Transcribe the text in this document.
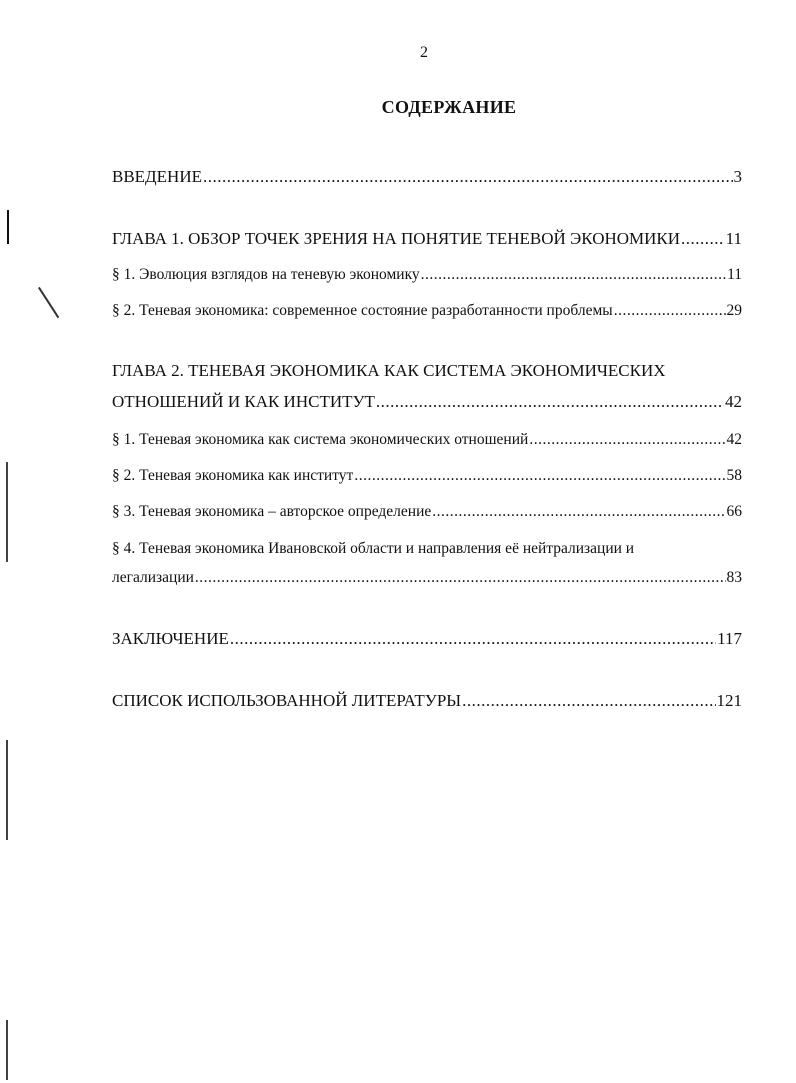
2
СОДЕРЖАНИЕ
ВВЕДЕНИЕ .....	3
ГЛАВА 1. ОБЗОР ТОЧЕК ЗРЕНИЯ НА ПОНЯТИЕ ТЕНЕВОЙ ЭКОНОМИКИ .....	11
§ 1. Эволюция взглядов на теневую экономику .....	11
§ 2. Теневая экономика: современное состояние разработанности проблемы .....	29
ГЛАВА 2. ТЕНЕВАЯ ЭКОНОМИКА КАК СИСТЕМА ЭКОНОМИЧЕСКИХ
ОТНОШЕНИЙ И КАК ИНСТИТУТ .....	42
§ 1. Теневая экономика как система экономических отношений .....	42
§ 2. Теневая экономика как институт .....	58
§ 3. Теневая экономика – авторское определение .....	66
§ 4. Теневая экономика Ивановской области и направления её нейтрализации и
легализации .....	83
ЗАКЛЮЧЕНИЕ .....	117
СПИСОК ИСПОЛЬЗОВАННОЙ ЛИТЕРАТУРЫ .....	121
